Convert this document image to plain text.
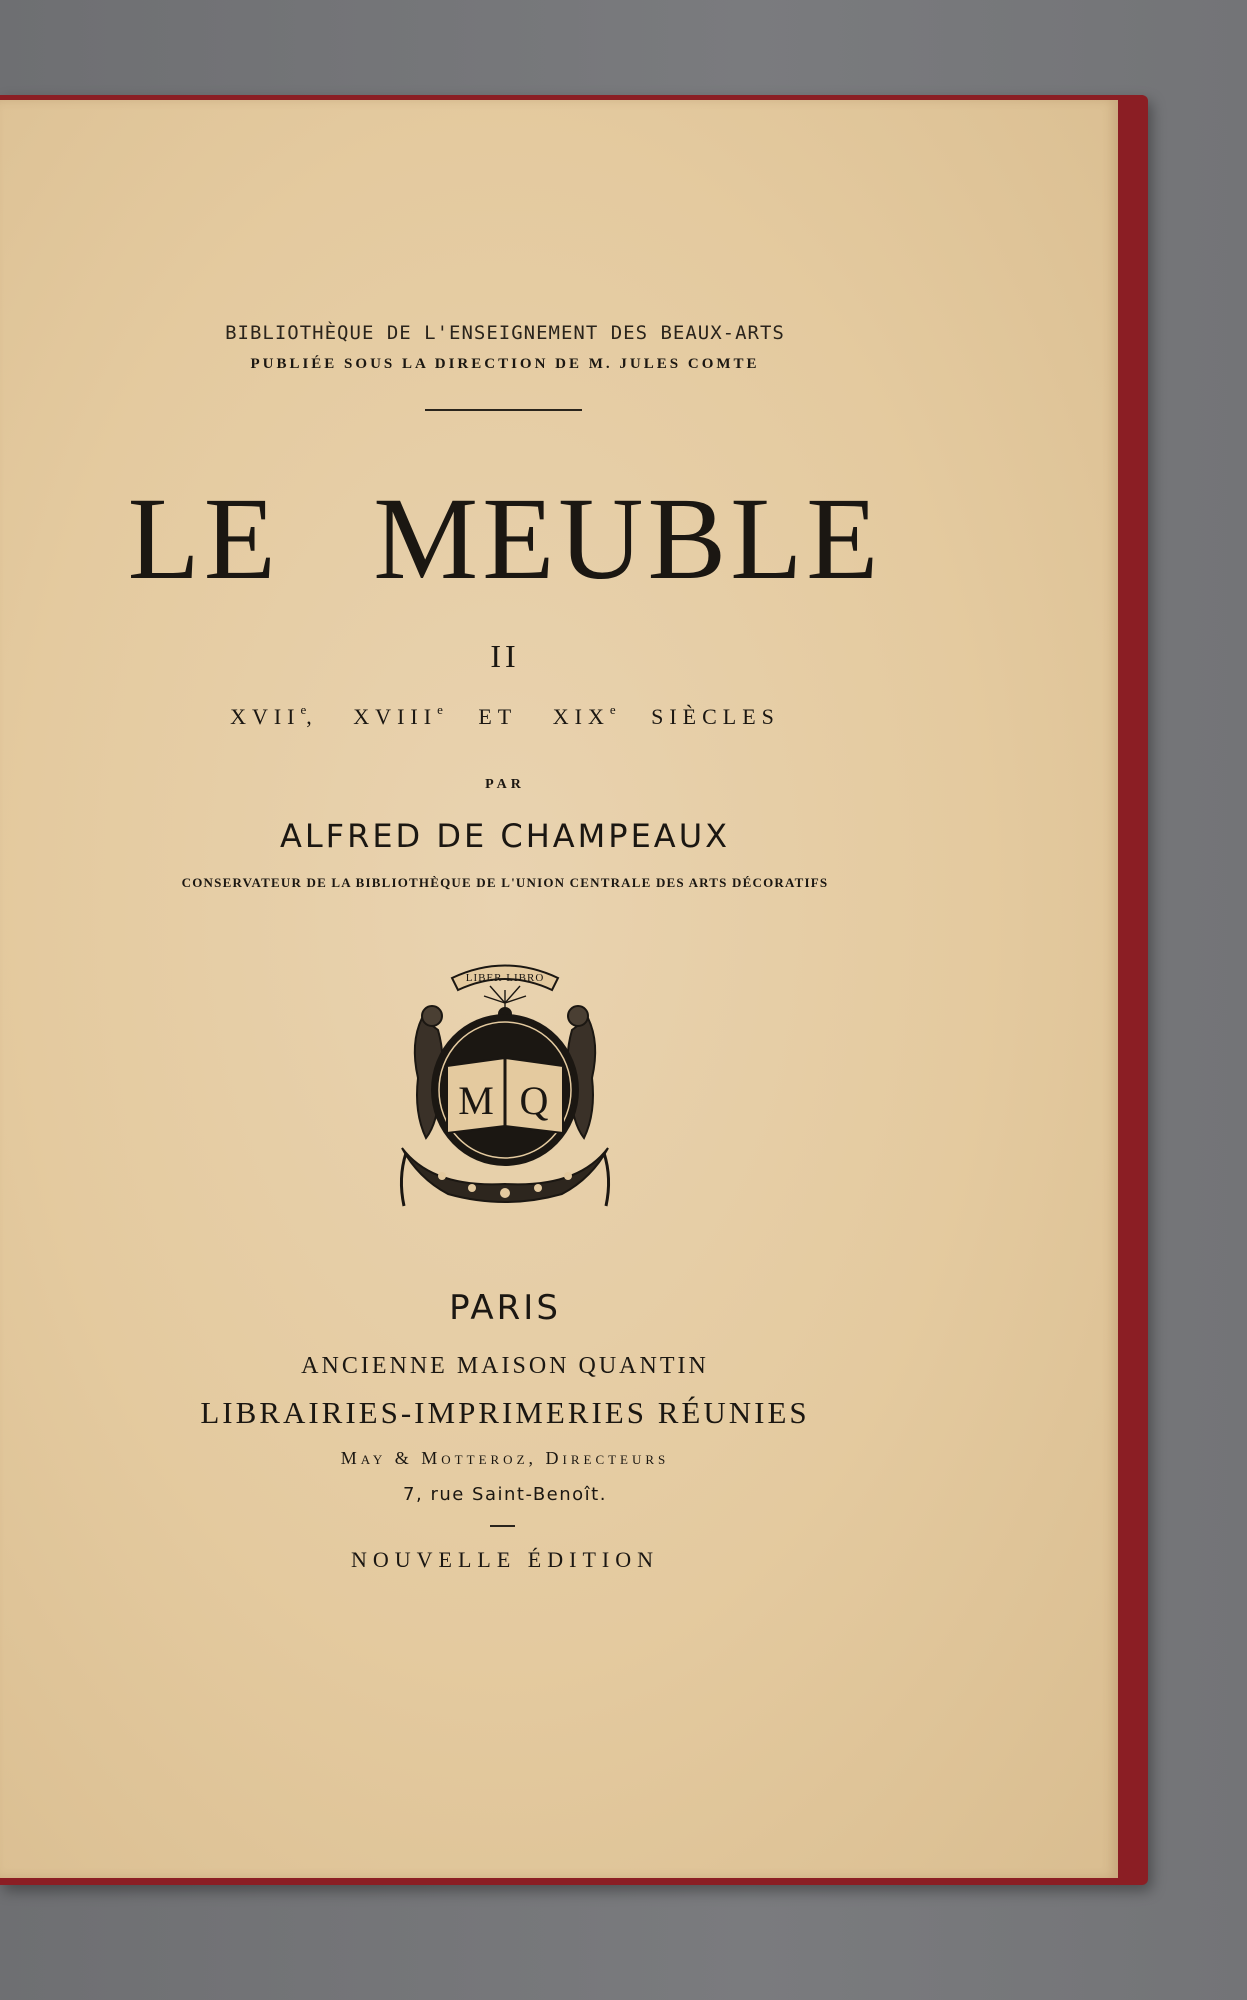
BIBLIOTHÈQUE DE L'ENSEIGNEMENT DES BEAUX-ARTS
PUBLIÉE SOUS LA DIRECTION DE M. JULES COMTE
LE MEUBLE
II
XVIIe, XVIIIe ET XIXe SIÈCLES
PAR
ALFRED DE CHAMPEAUX
CONSERVATEUR DE LA BIBLIOTHÈQUE DE L'UNION CENTRALE DES ARTS DÉCORATIFS
LIBER LIBRO
M Q
PARIS
ANCIENNE MAISON QUANTIN
LIBRAIRIES-IMPRIMERIES RÉUNIES
May & Motteroz, Directeurs
7, rue Saint-Benoît.
NOUVELLE ÉDITION
